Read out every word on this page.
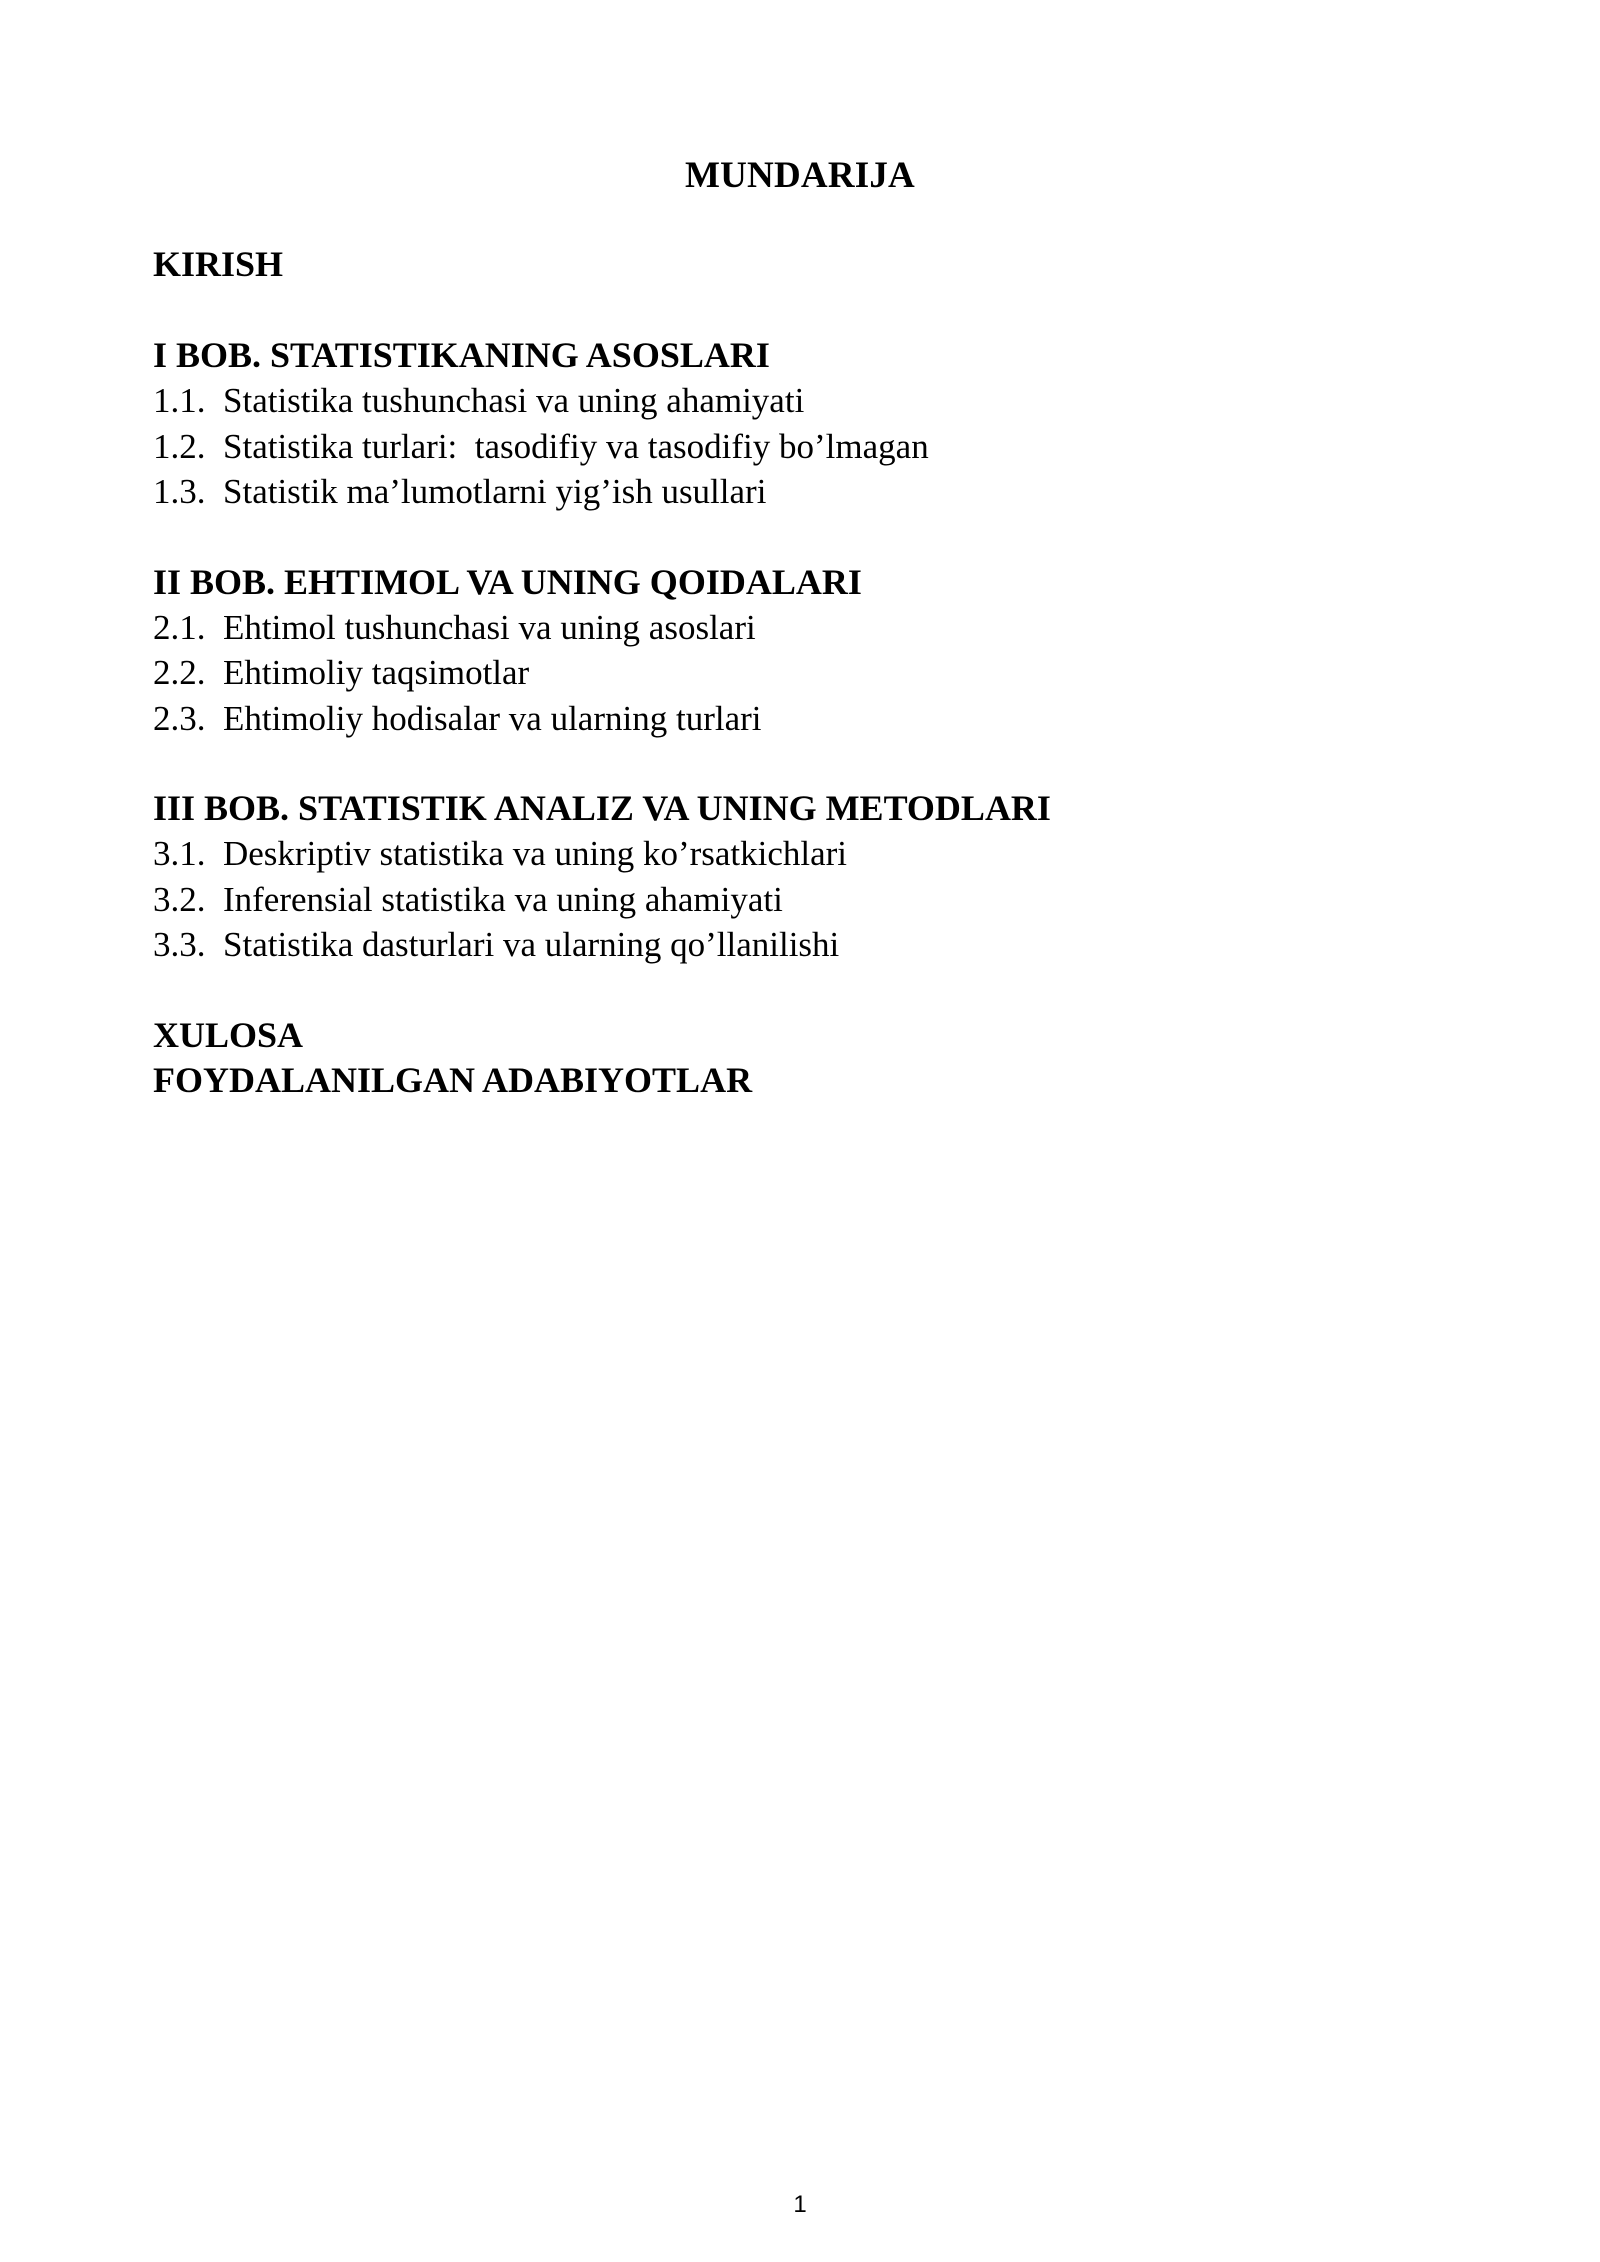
MUNDARIJA
KIRISH
I BOB. STATISTIKANING ASOSLARI
1.1. Statistika tushunchasi va uning ahamiyati
1.2. Statistika turlari:  tasodifiy va tasodifiy bo’lmagan
1.3. Statistik ma’lumotlarni yig’ish usullari
II BOB. EHTIMOL VA UNING QOIDALARI
2.1. Ehtimol tushunchasi va uning asoslari
2.2. Ehtimoliy taqsimotlar
2.3. Ehtimoliy hodisalar va ularning turlari
III BOB. STATISTIK ANALIZ VA UNING METODLARI
3.1. Deskriptiv statistika va uning ko’rsatkichlari
3.2. Inferensial statistika va uning ahamiyati
3.3. Statistika dasturlari va ularning qo’llanilishi
XULOSA
FOYDALANILGAN ADABIYOTLAR
1
